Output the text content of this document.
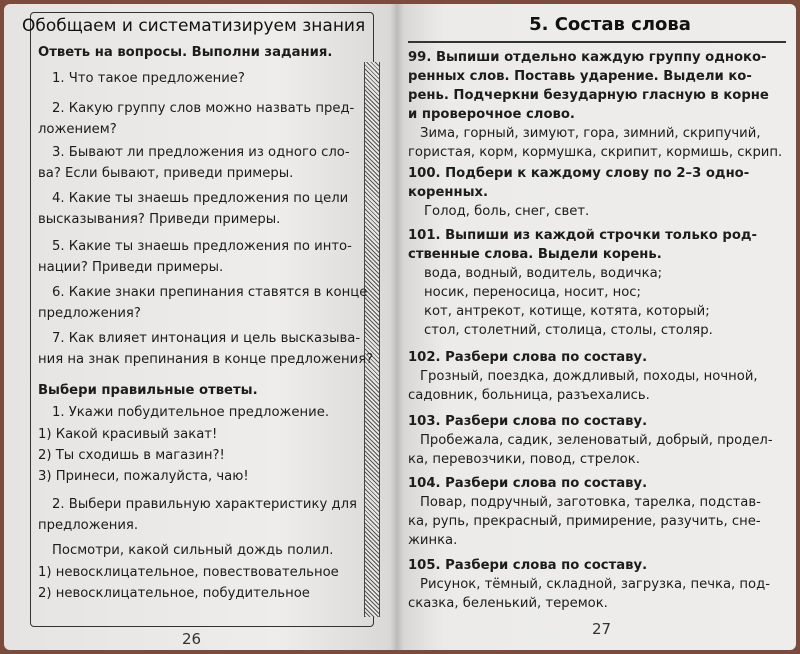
Обобщаем и систематизируем знания
Ответь на вопросы. Выполни задания.
1. Что такое предложение?
2. Какую группу слов можно назвать пред-
ложением?
3. Бывают ли предложения из одного сло-
ва? Если бывают, приведи примеры.
4. Какие ты знаешь предложения по цели
высказывания? Приведи примеры.
5. Какие ты знаешь предложения по инто-
нации? Приведи примеры.
6. Какие знаки препинания ставятся в конце
предложения?
7. Как влияет интонация и цель высказыва-
ния на знак препинания в конце предложения?
Выбери правильные ответы.
1. Укажи побудительное предложение.
1) Какой красивый закат!
2) Ты сходишь в магазин?!
3) Принеси, пожалуйста, чаю!
2. Выбери правильную характеристику для
предложения.
Посмотри, какой сильный дождь полил.
1) невосклицательное, повествовательное
2) невосклицательное, побудительное
26
5. Состав слова
99. Выпиши отдельно каждую группу однoко-
ренных слов. Поставь ударение. Выдели ко-
рень. Подчеркни безударную гласную в корне
и проверочное слово.
Зима, горный, зимуют, гора, зимний, скрипучий,
гористая, корм, кормушка, скрипит, кормишь, скрип.
100. Подбери к каждому слову по 2–3 одно-
коренных.
Голод, боль, снег, свет.
101. Выпиши из каждой строчки только род-
ственные слова. Выдели корень.
вода, водный, водитель, водичка;
носик, переносица, носит, нос;
кот, антрекот, котище, котята, который;
стол, столетний, столица, столы, столяр.
102. Разбери слова по составу.
Грозный, поездка, дождливый, походы, ночной,
садовник, больница, разъехались.
103. Разбери слова по составу.
Пробежала, садик, зеленоватый, добрый, продел-
ка, перевозчики, повод, стрелок.
104. Разбери слова по составу.
Повар, подручный, заготовка, тарелка, подстав-
ка, рупь, прекрасный, примирение, разучить, сне-
жинка.
105. Разбери слова по составу.
Рисунок, тёмный, складной, загрузка, печка, под-
сказка, беленький, теремок.
27
